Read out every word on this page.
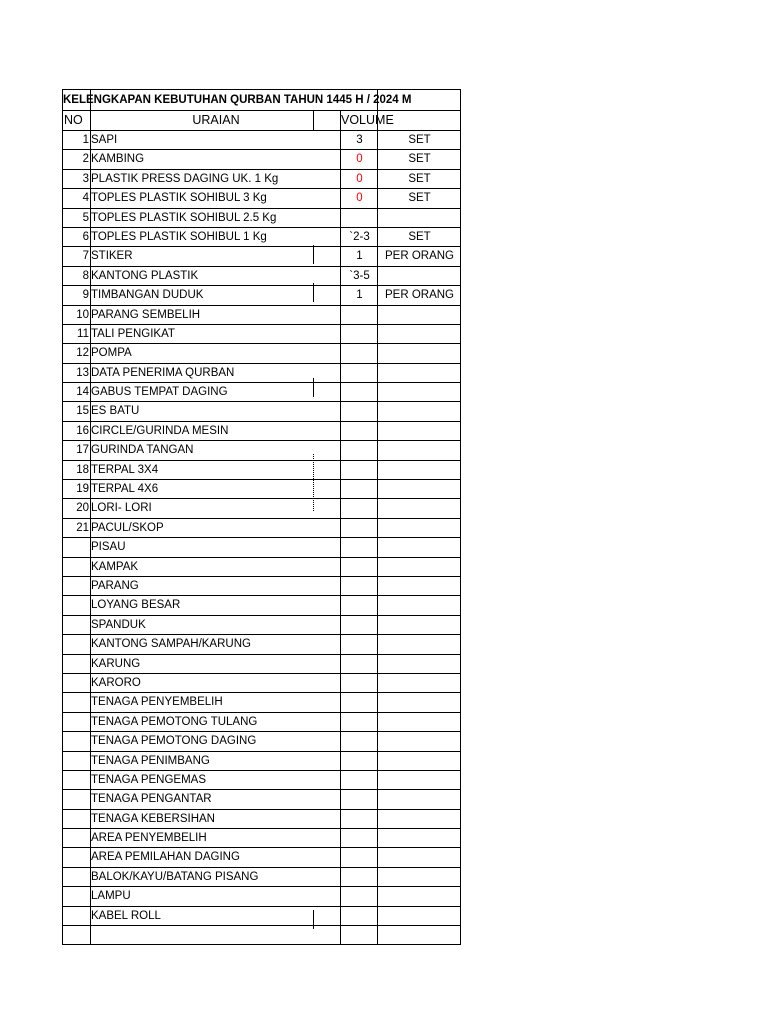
KELENGKAPAN KEBUTUHAN QURBAN TAHUN 1445 H / 2024 M
NO	URAIAN	VOLUME
1 SAPI	3	SET
2 KAMBING	0	SET
3 PLASTIK PRESS DAGING UK. 1 Kg	0	SET
4 TOPLES PLASTIK SOHIBUL 3 Kg	0	SET
5 TOPLES PLASTIK SOHIBUL 2.5 Kg
6 TOPLES PLASTIK SOHIBUL 1 Kg	`2-3	SET
7 STIKER	1	PER ORANG
8 KANTONG PLASTIK	`3-5
9 TIMBANGAN DUDUK	1	PER ORANG
10 PARANG SEMBELIH
11 TALI PENGIKAT
12 POMPA
13 DATA PENERIMA QURBAN
14 GABUS TEMPAT DAGING
15 ES BATU
16 CIRCLE/GURINDA MESIN
17 GURINDA TANGAN
18 TERPAL 3X4
19 TERPAL 4X6
20 LORI- LORI
21 PACUL/SKOP
PISAU
KAMPAK
PARANG
LOYANG BESAR
SPANDUK
KANTONG SAMPAH/KARUNG
KARUNG
KARORO
TENAGA PENYEMBELIH
TENAGA PEMOTONG TULANG
TENAGA PEMOTONG DAGING
TENAGA PENIMBANG
TENAGA PENGEMAS
TENAGA PENGANTAR
TENAGA KEBERSIHAN
AREA PENYEMBELIH
AREA PEMILAHAN DAGING
BALOK/KAYU/BATANG PISANG
LAMPU
KABEL ROLL
